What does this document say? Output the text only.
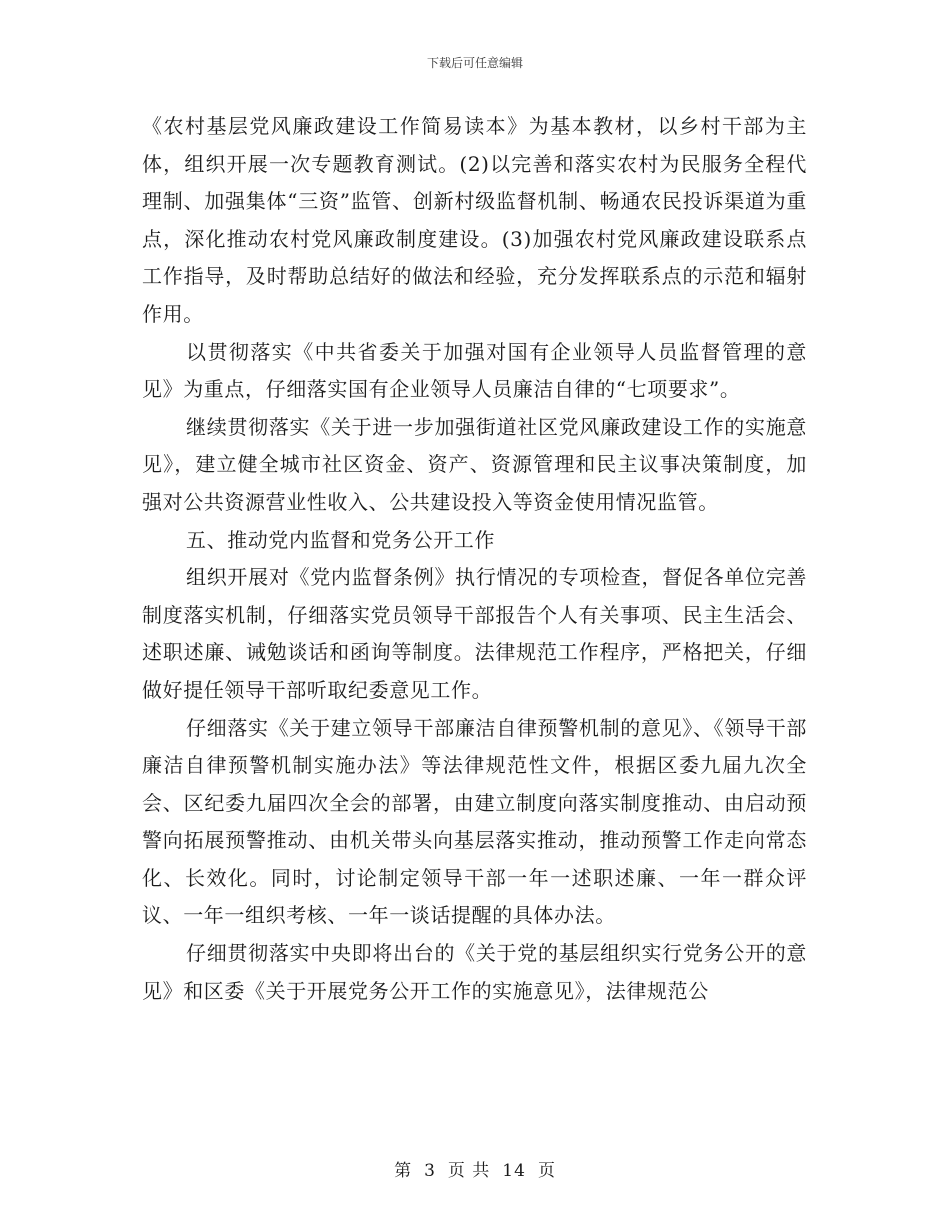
下载后可任意编辑

《农村基层党风廉政建设工作简易读本》为基本教材，以乡村干部为主体，组织开展一次专题教育测试。(2)以完善和落实农村为民服务全程代理制、加强集体“三资”监管、创新村级监督机制、畅通农民投诉渠道为重点，深化推动农村党风廉政制度建设。(3)加强农村党风廉政建设联系点工作指导，及时帮助总结好的做法和经验，充分发挥联系点的示范和辐射作用。

以贯彻落实《中共省委关于加强对国有企业领导人员监督管理的意见》为重点，仔细落实国有企业领导人员廉洁自律的“七项要求”。

继续贯彻落实《关于进一步加强街道社区党风廉政建设工作的实施意见》，建立健全城市社区资金、资产、资源管理和民主议事决策制度，加强对公共资源营业性收入、公共建设投入等资金使用情况监管。

五、推动党内监督和党务公开工作

组织开展对《党内监督条例》执行情况的专项检查，督促各单位完善制度落实机制，仔细落实党员领导干部报告个人有关事项、民主生活会、述职述廉、诫勉谈话和函询等制度。法律规范工作程序，严格把关，仔细做好提任领导干部听取纪委意见工作。

仔细落实《关于建立领导干部廉洁自律预警机制的意见》、《领导干部廉洁自律预警机制实施办法》等法律规范性文件，根据区委九届九次全会、区纪委九届四次全会的部署，由建立制度向落实制度推动、由启动预警向拓展预警推动、由机关带头向基层落实推动，推动预警工作走向常态化、长效化。同时，讨论制定领导干部一年一述职述廉、一年一群众评议、一年一组织考核、一年一谈话提醒的具体办法。

仔细贯彻落实中央即将出台的《关于党的基层组织实行党务公开的意见》和区委《关于开展党务公开工作的实施意见》，法律规范公

第 3 页 共 14 页
